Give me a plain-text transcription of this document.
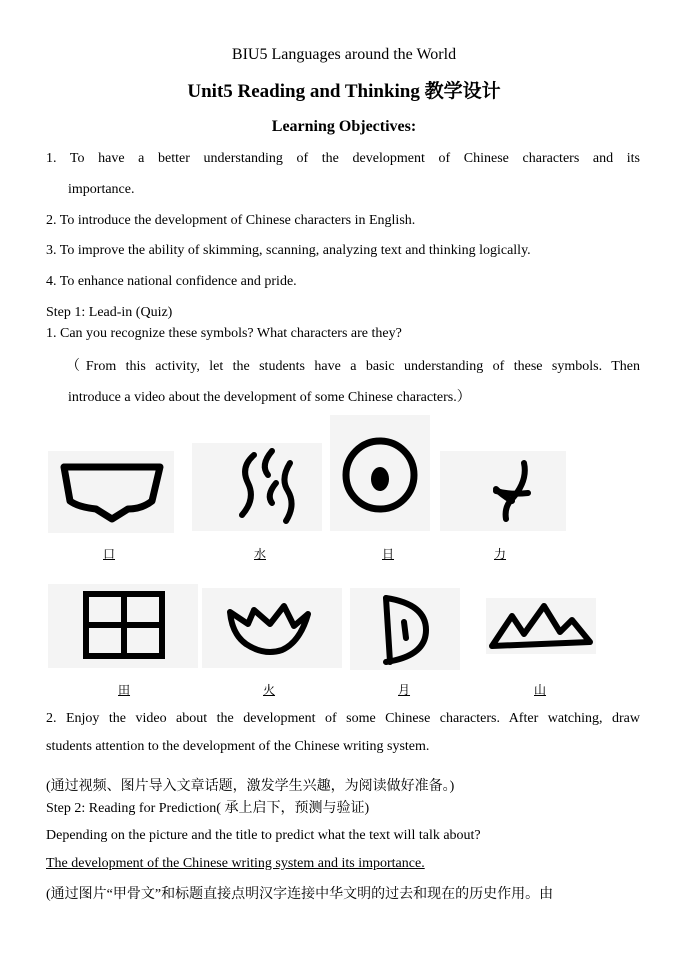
BIU5 Languages around the World
Unit5 Reading and Thinking 教学设计
Learning Objectives:
1. To have a better understanding of the development of Chinese characters and its
importance.
2. To introduce the development of Chinese characters in English.
3. To improve the ability of skimming, scanning, analyzing text and thinking logically.
4. To enhance national confidence and pride.
Step 1: Lead-in (Quiz)
1. Can you recognize these symbols? What characters are they?
（From this activity, let the students have a basic understanding of these symbols. Then
introduce a video about the development of some Chinese characters.）
口	水	日	力
田	火	月	山
2. Enjoy the video about the development of some Chinese characters. After watching, draw
students attention to the development of the Chinese writing system.
(通过视频、图片导入文章话题，激发学生兴趣，为阅读做好准备。)
Step 2: Reading for Prediction( 承上启下，预测与验证)
Depending on the picture and the title to predict what the text will talk about?
The development of the Chinese writing system and its importance.
(通过图片“甲骨文”和标题直接点明汉字连接中华文明的过去和现在的历史作用。由
